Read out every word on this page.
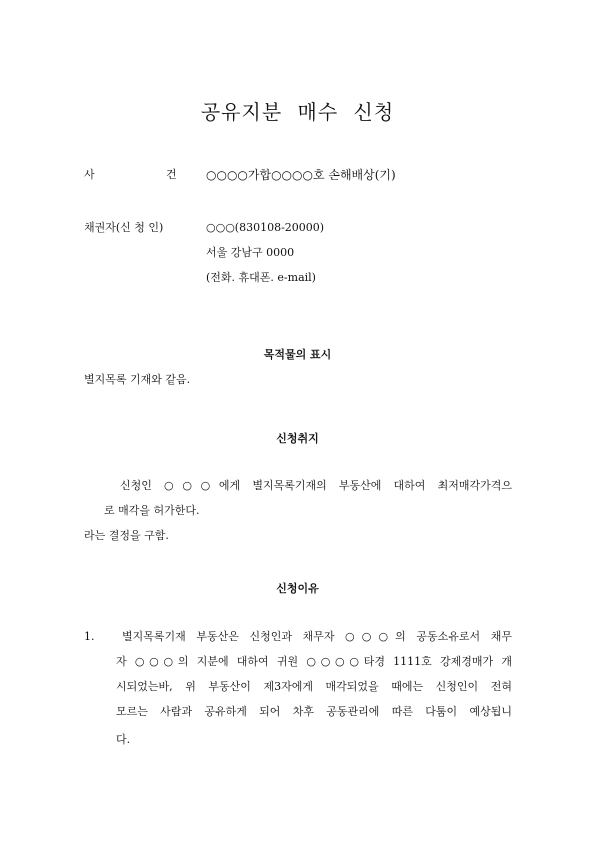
공유지분 매수 신청
사	건 ○○○○가합○○○○호 손해배상(기)
채권자(신 청 인)	○○○(830108-20000)
서울 강남구 0000
(전화. 휴대폰. e-mail)
목적물의 표시
별지목록 기재와 같음.
신청취지
신청인 ○○○에게 별지목록기재의 부동산에 대하여 최저매각가격으
로 매각을 허가한다.
라는 결정을 구함.
신청이유
1.	별지목록기재 부동산은 신청인과 채무자 ○○○의 공동소유로서 채무
자 ○○○의 지분에 대하여 귀원 ○○○○타경 1111호 강제경매가 개
시되었는바, 위 부동산이 제3자에게 매각되었을 때에는 신청인이 전혀
모르는 사람과 공유하게 되어 차후 공동관리에 따른 다툼이 예상됩니
다.
